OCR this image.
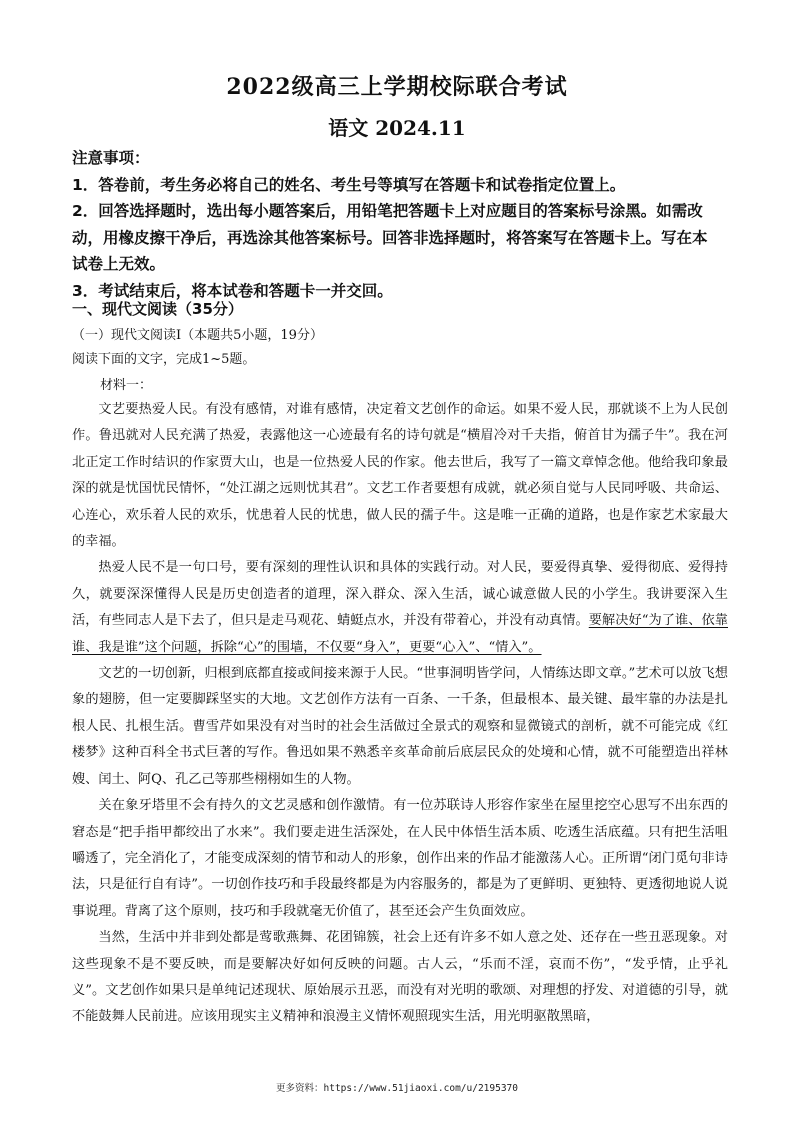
2022级高三上学期校际联合考试
语文 2024.11

注意事项：

1．答卷前，考生务必将自己的姓名、考生号等填写在答题卡和试卷指定位置上。

2．回答选择题时，选出每小题答案后，用铅笔把答题卡上对应题目的答案标号涂黑。如需改动，用橡皮擦干净后，再选涂其他答案标号。回答非选择题时，将答案写在答题卡上。写在本试卷上无效。

3．考试结束后，将本试卷和答题卡一并交回。

一、现代文阅读（35分）
（一）现代文阅读Ⅰ（本题共5小题，19分）
阅读下面的文字，完成1~5题。
材料一：

文艺要热爱人民。有没有感情，对谁有感情，决定着文艺创作的命运。如果不爱人民，那就谈不上为人民创作。鲁迅就对人民充满了热爱，表露他这一心迹最有名的诗句就是“横眉冷对千夫指，俯首甘为孺子牛”。我在河北正定工作时结识的作家贾大山，也是一位热爱人民的作家。他去世后，我写了一篇文章悼念他。他给我印象最深的就是忧国忧民情怀，“处江湖之远则忧其君”。文艺工作者要想有成就，就必须自觉与人民同呼吸、共命运、心连心，欢乐着人民的欢乐，忧患着人民的忧患，做人民的孺子牛。这是唯一正确的道路，也是作家艺术家最大的幸福。

热爱人民不是一句口号，要有深刻的理性认识和具体的实践行动。对人民，要爱得真挚、爱得彻底、爱得持久，就要深深懂得人民是历史创造者的道理，深入群众、深入生活，诚心诚意做人民的小学生。我讲要深入生活，有些同志人是下去了，但只是走马观花、蜻蜓点水，并没有带着心，并没有动真情。要解决好“为了谁、依靠谁、我是谁”这个问题，拆除“心”的围墙，不仅要“身入”，更要“心入”、“情入”。

文艺的一切创新，归根到底都直接或间接来源于人民。“世事洞明皆学问，人情练达即文章。”艺术可以放飞想象的翅膀，但一定要脚踩坚实的大地。文艺创作方法有一百条、一千条，但最根本、最关键、最牢靠的办法是扎根人民、扎根生活。曹雪芹如果没有对当时的社会生活做过全景式的观察和显微镜式的剖析，就不可能完成《红楼梦》这种百科全书式巨著的写作。鲁迅如果不熟悉辛亥革命前后底层民众的处境和心情，就不可能塑造出祥林嫂、闰土、阿Q、孔乙己等那些栩栩如生的人物。

关在象牙塔里不会有持久的文艺灵感和创作激情。有一位苏联诗人形容作家坐在屋里挖空心思写不出东西的窘态是“把手指甲都绞出了水来”。我们要走进生活深处，在人民中体悟生活本质、吃透生活底蕴。只有把生活咀嚼透了，完全消化了，才能变成深刻的情节和动人的形象，创作出来的作品才能激荡人心。正所谓“闭门觅句非诗法，只是征行自有诗”。一切创作技巧和手段最终都是为内容服务的，都是为了更鲜明、更独特、更透彻地说人说事说理。背离了这个原则，技巧和手段就毫无价值了，甚至还会产生负面效应。

当然，生活中并非到处都是莺歌燕舞、花团锦簇，社会上还有许多不如人意之处、还存在一些丑恶现象。对这些现象不是不要反映，而是要解决好如何反映的问题。古人云，“乐而不淫，哀而不伤”，“发乎情，止乎礼义”。文艺创作如果只是单纯记述现状、原始展示丑恶，而没有对光明的歌颂、对理想的抒发、对道德的引导，就不能鼓舞人民前进。应该用现实主义精神和浪漫主义情怀观照现实生活，用光明驱散黑暗，

更多资料：https://www.51jiaoxi.com/u/2195370
